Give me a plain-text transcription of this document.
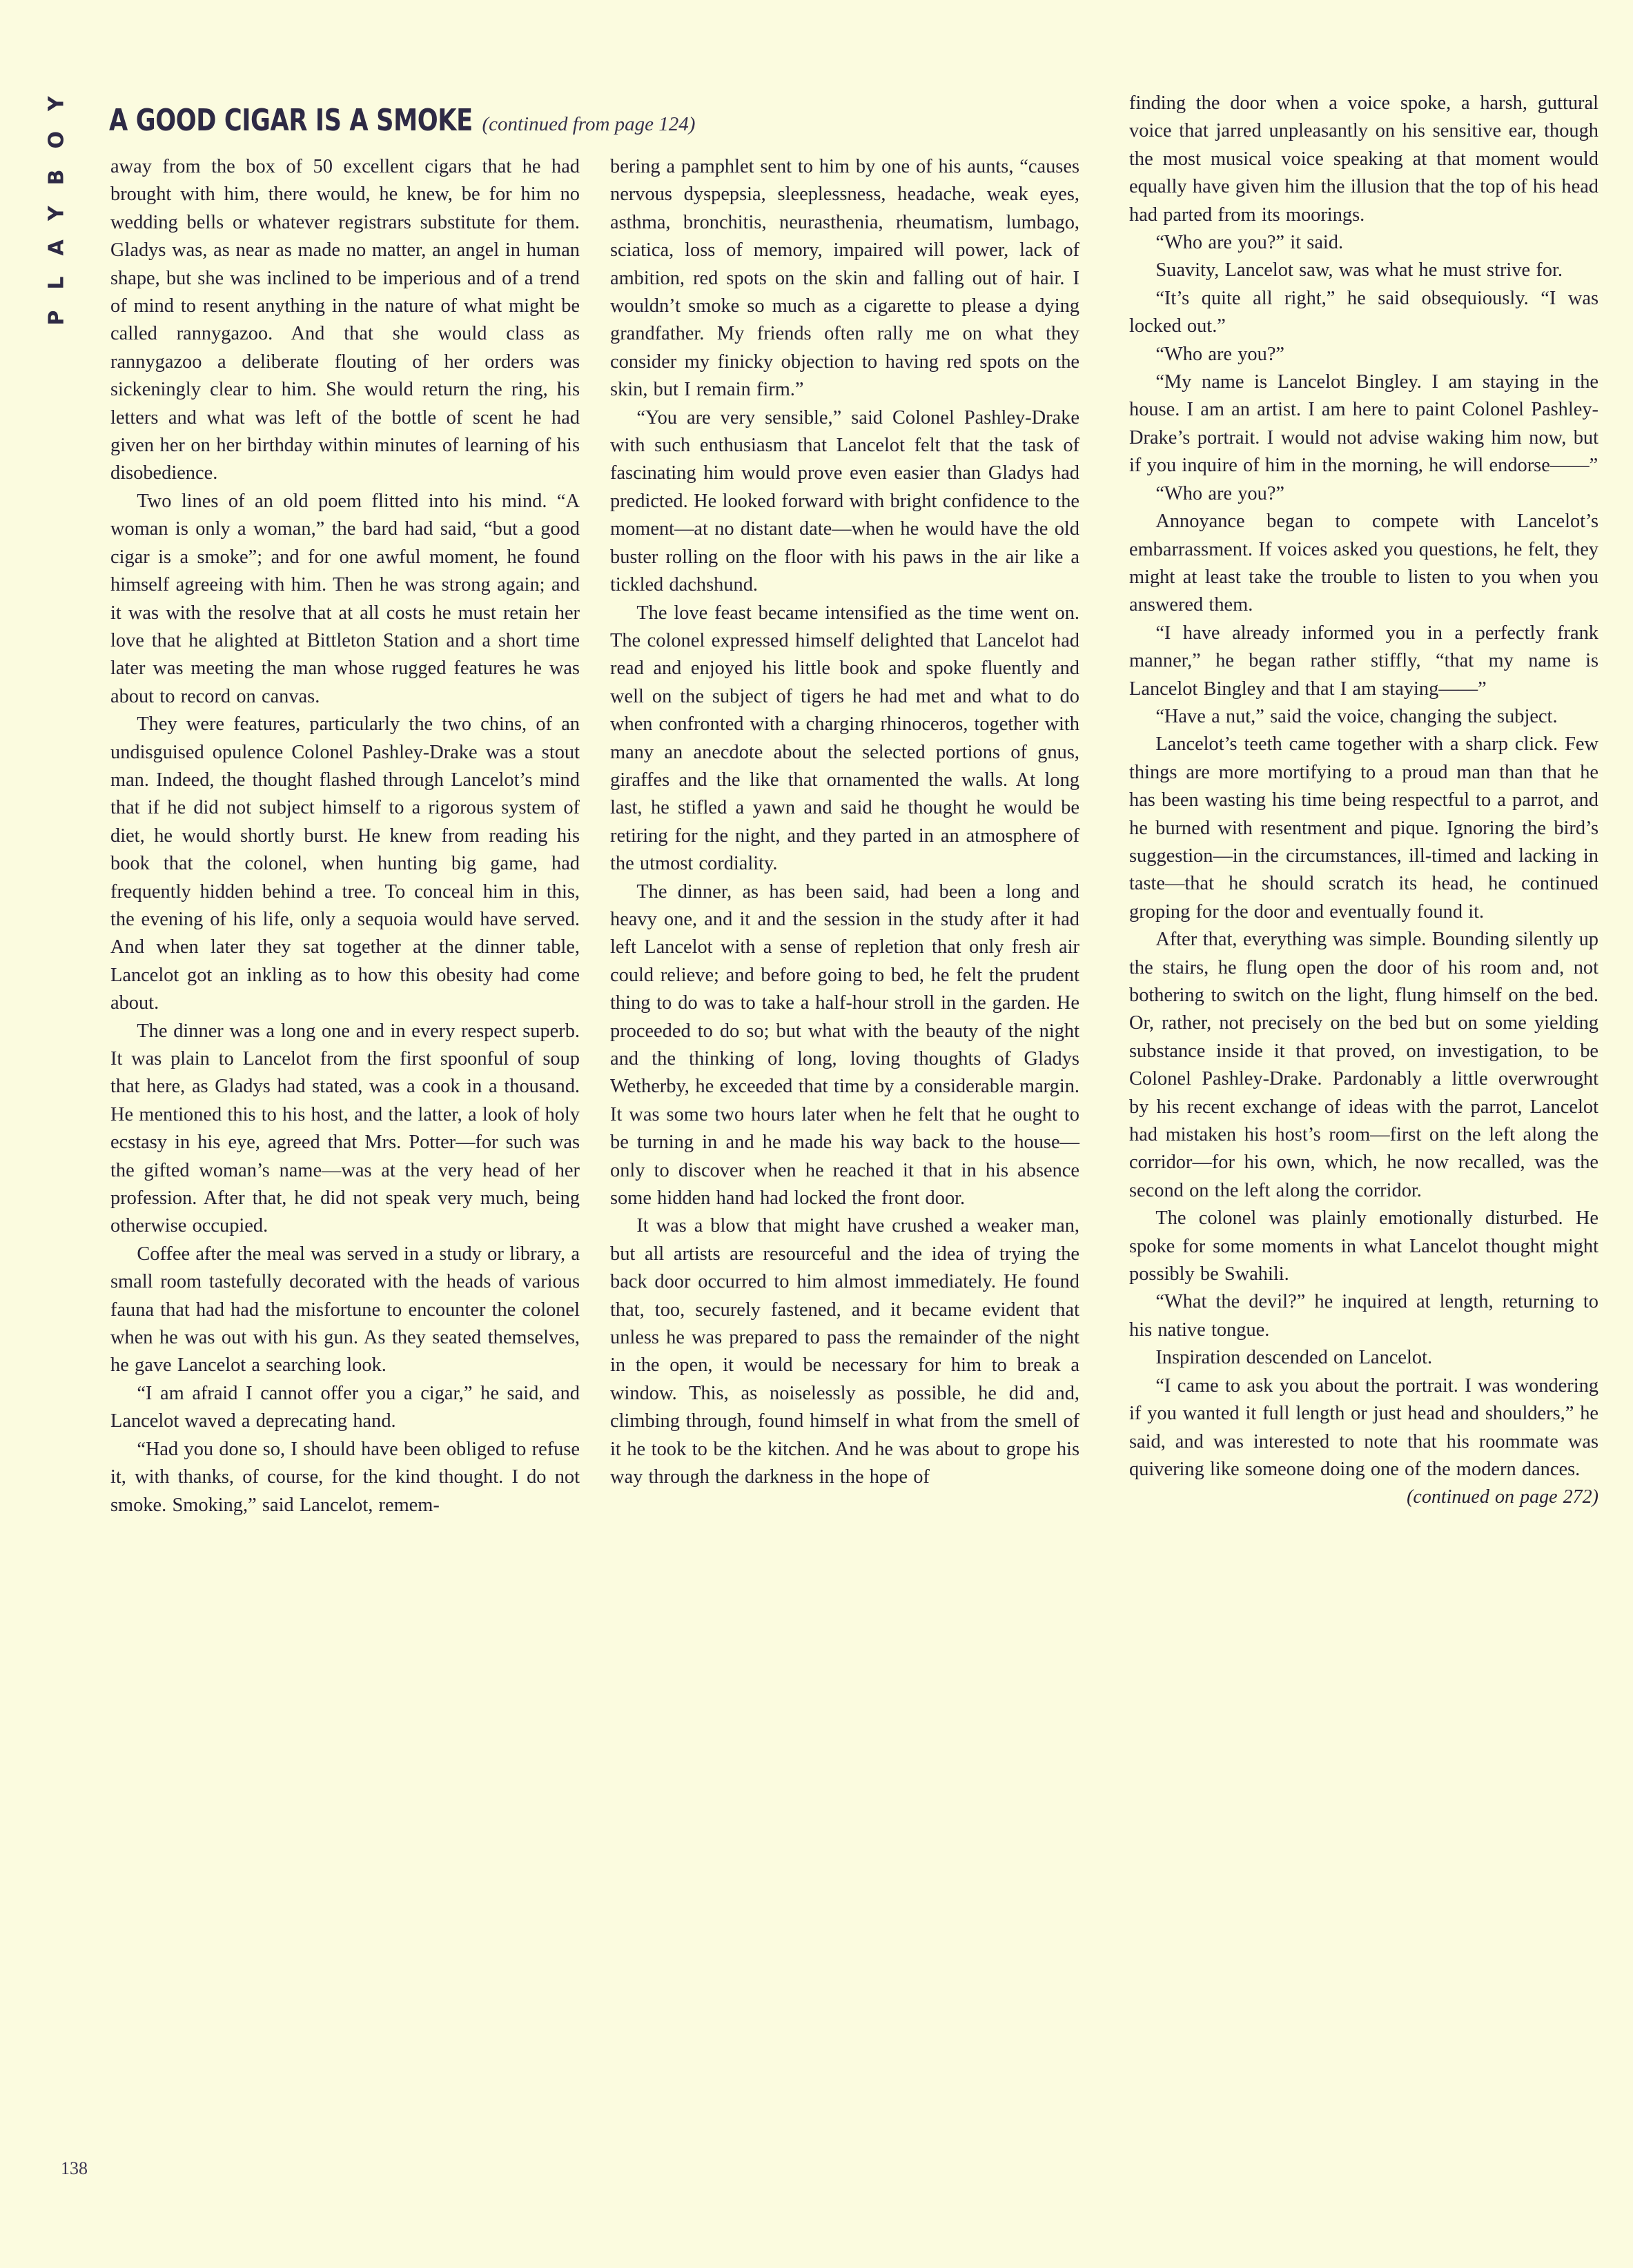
PLAYBOY A GOOD CIGAR IS A SMOKE (continued from page 124)

away from the box of 50 excellent cigars that he had brought with him, there would, he knew, be for him no wedding bells or whatever registrars substitute for them. Gladys was, as near as made no matter, an angel in human shape, but she was inclined to be imperious and of a trend of mind to resent anything in the nature of what might be called rannygazoo. And that she would class as rannygazoo a deliberate flouting of her orders was sickeningly clear to him. She would return the ring, his letters and what was left of the bottle of scent he had given her on her birthday within minutes of learning of his disobedience.

Two lines of an old poem flitted into his mind. “A woman is only a woman,” the bard had said, “but a good cigar is a smoke”; and for one awful moment, he found himself agreeing with him. Then he was strong again; and it was with the resolve that at all costs he must retain her love that he alighted at Bittleton Station and a short time later was meeting the man whose rugged features he was about to record on canvas.

They were features, particularly the two chins, of an undisguised opulence Colonel Pashley-Drake was a stout man. Indeed, the thought flashed through Lancelot’s mind that if he did not subject himself to a rigorous system of diet, he would shortly burst. He knew from reading his book that the colonel, when hunting big game, had frequently hidden behind a tree. To conceal him in this, the evening of his life, only a sequoia would have served. And when later they sat together at the dinner table, Lancelot got an inkling as to how this obesity had come about.

The dinner was a long one and in every respect superb. It was plain to Lancelot from the first spoonful of soup that here, as Gladys had stated, was a cook in a thousand. He mentioned this to his host, and the latter, a look of holy ecstasy in his eye, agreed that Mrs. Potter—for such was the gifted woman’s name—was at the very head of her profession. After that, he did not speak very much, being otherwise occupied.

Coffee after the meal was served in a study or library, a small room tastefully decorated with the heads of various fauna that had had the misfortune to encounter the colonel when he was out with his gun. As they seated themselves, he gave Lancelot a searching look.

“I am afraid I cannot offer you a cigar,” he said, and Lancelot waved a deprecating hand.

“Had you done so, I should have been obliged to refuse it, with thanks, of course, for the kind thought. I do not smoke. Smoking,” said Lancelot, remem-

bering a pamphlet sent to him by one of his aunts, “causes nervous dyspepsia, sleeplessness, headache, weak eyes, asthma, bronchitis, neurasthenia, rheumatism, lumbago, sciatica, loss of memory, impaired will power, lack of ambition, red spots on the skin and falling out of hair. I wouldn’t smoke so much as a cigarette to please a dying grandfather. My friends often rally me on what they consider my finicky objection to having red spots on the skin, but I remain firm.”

“You are very sensible,” said Colonel Pashley-Drake with such enthusiasm that Lancelot felt that the task of fascinating him would prove even easier than Gladys had predicted. He looked forward with bright confidence to the moment—at no distant date—when he would have the old buster rolling on the floor with his paws in the air like a tickled dachshund.

The love feast became intensified as the time went on. The colonel expressed himself delighted that Lancelot had read and enjoyed his little book and spoke fluently and well on the subject of tigers he had met and what to do when confronted with a charging rhinoceros, together with many an anecdote about the selected portions of gnus, giraffes and the like that ornamented the walls. At long last, he stifled a yawn and said he thought he would be retiring for the night, and they parted in an atmosphere of the utmost cordiality.

The dinner, as has been said, had been a long and heavy one, and it and the session in the study after it had left Lancelot with a sense of repletion that only fresh air could relieve; and before going to bed, he felt the prudent thing to do was to take a half-hour stroll in the garden. He proceeded to do so; but what with the beauty of the night and the thinking of long, loving thoughts of Gladys Wetherby, he exceeded that time by a considerable margin. It was some two hours later when he felt that he ought to be turning in and he made his way back to the house—only to discover when he reached it that in his absence some hidden hand had locked the front door.

It was a blow that might have crushed a weaker man, but all artists are resourceful and the idea of trying the back door occurred to him almost immediately. He found that, too, securely fastened, and it became evident that unless he was prepared to pass the remainder of the night in the open, it would be necessary for him to break a window. This, as noiselessly as possible, he did and, climbing through, found himself in what from the smell of it he took to be the kitchen. And he was about to grope his way through the darkness in the hope of

finding the door when a voice spoke, a harsh, guttural voice that jarred unpleasantly on his sensitive ear, though the most musical voice speaking at that moment would equally have given him the illusion that the top of his head had parted from its moorings.

“Who are you?” it said.

Suavity, Lancelot saw, was what he must strive for.

“It’s quite all right,” he said obsequiously. “I was locked out.”

“Who are you?”

“My name is Lancelot Bingley. I am staying in the house. I am an artist. I am here to paint Colonel Pashley-Drake’s portrait. I would not advise waking him now, but if you inquire of him in the morning, he will endorse——”

“Who are you?”

Annoyance began to compete with Lancelot’s embarrassment. If voices asked you questions, he felt, they might at least take the trouble to listen to you when you answered them.

“I have already informed you in a perfectly frank manner,” he began rather stiffly, “that my name is Lancelot Bingley and that I am staying——”

“Have a nut,” said the voice, changing the subject.

Lancelot’s teeth came together with a sharp click. Few things are more mortifying to a proud man than that he has been wasting his time being respectful to a parrot, and he burned with resentment and pique. Ignoring the bird’s suggestion—in the circumstances, ill-timed and lacking in taste—that he should scratch its head, he continued groping for the door and eventually found it.

After that, everything was simple. Bounding silently up the stairs, he flung open the door of his room and, not bothering to switch on the light, flung himself on the bed. Or, rather, not precisely on the bed but on some yielding substance inside it that proved, on investigation, to be Colonel Pashley-Drake. Pardonably a little overwrought by his recent exchange of ideas with the parrot, Lancelot had mistaken his host’s room—first on the left along the corridor—for his own, which, he now recalled, was the second on the left along the corridor.

The colonel was plainly emotionally disturbed. He spoke for some moments in what Lancelot thought might possibly be Swahili.

“What the devil?” he inquired at length, returning to his native tongue.

Inspiration descended on Lancelot.

“I came to ask you about the portrait. I was wondering if you wanted it full length or just head and shoulders,” he said, and was interested to note that his roommate was quivering like someone doing one of the modern dances.

(continued on page 272)

138
